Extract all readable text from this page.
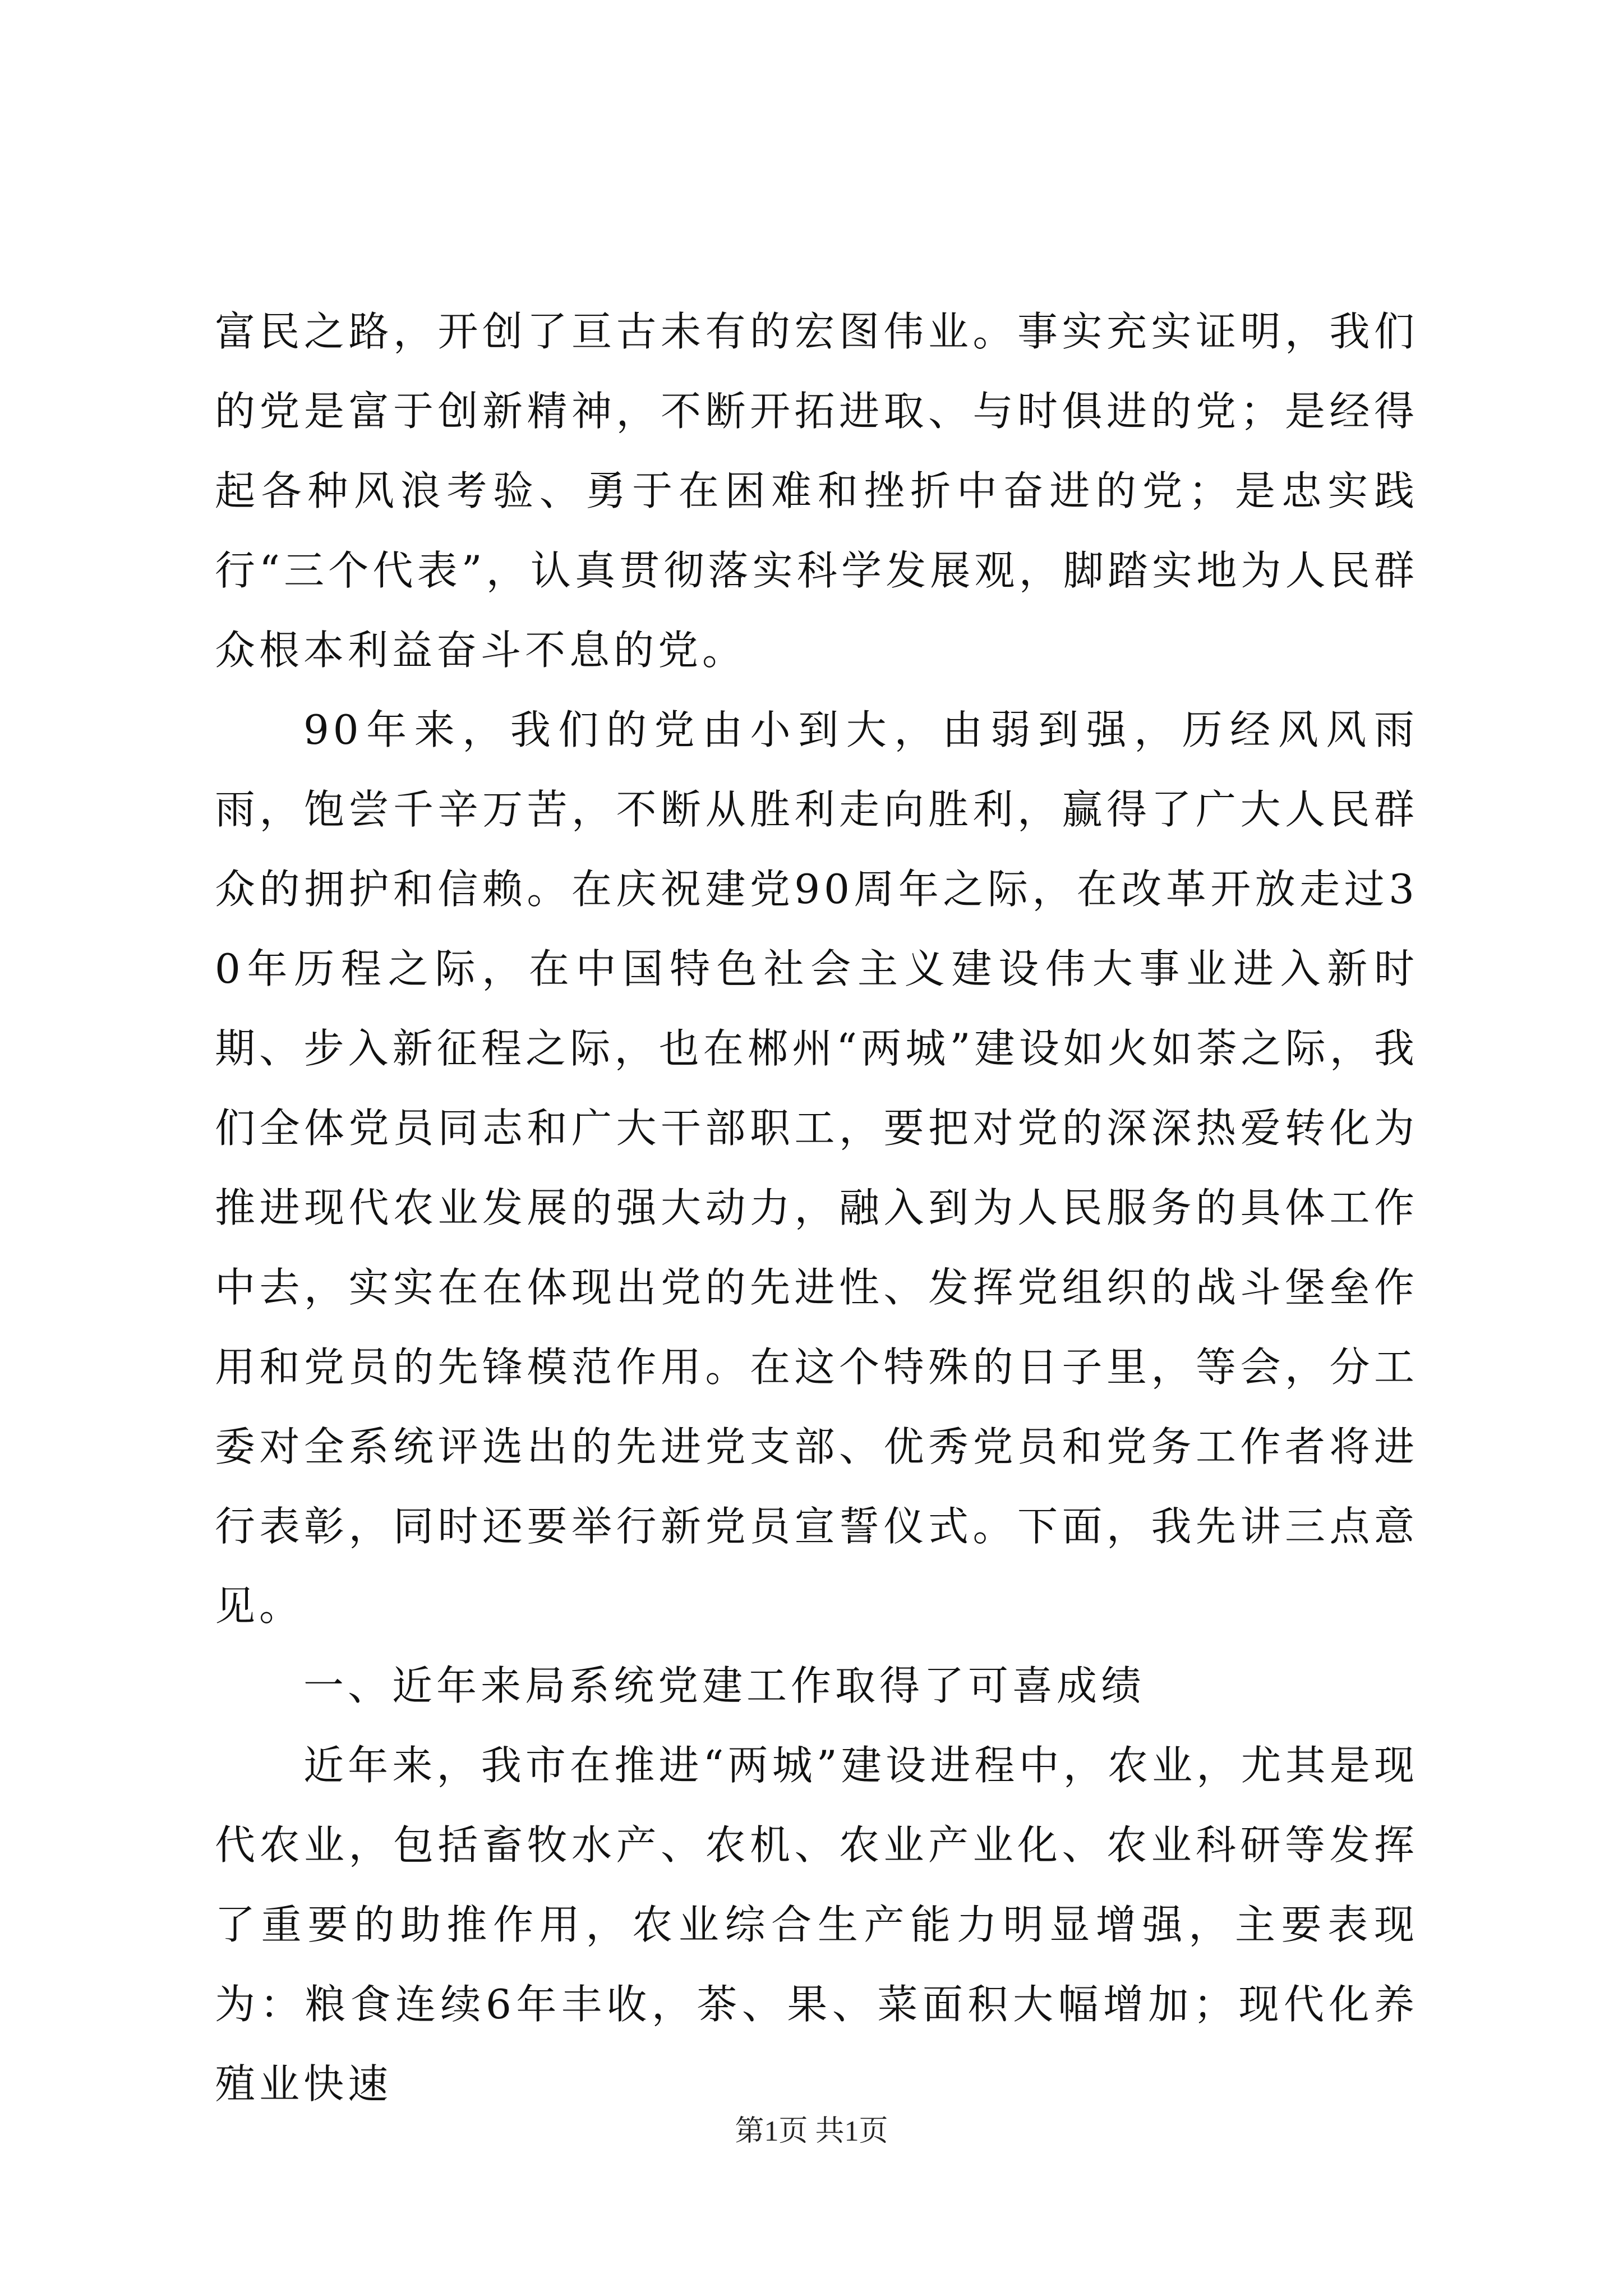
富民之路，开创了亘古未有的宏图伟业。事实充实证明，我们的党是富于创新精神，不断开拓进取、与时俱进的党；是经得起各种风浪考验、勇于在困难和挫折中奋进的党；是忠实践行“三个代表”，认真贯彻落实科学发展观，脚踏实地为人民群众根本利益奋斗不息的党。

90年来，我们的党由小到大，由弱到强，历经风风雨雨，饱尝千辛万苦，不断从胜利走向胜利，赢得了广大人民群众的拥护和信赖。在庆祝建党90周年之际，在改革开放走过30年历程之际，在中国特色社会主义建设伟大事业进入新时期、步入新征程之际，也在郴州“两城”建设如火如荼之际，我们全体党员同志和广大干部职工，要把对党的深深热爱转化为推进现代农业发展的强大动力，融入到为人民服务的具体工作中去，实实在在体现出党的先进性、发挥党组织的战斗堡垒作用和党员的先锋模范作用。在这个特殊的日子里，等会，分工委对全系统评选出的先进党支部、优秀党员和党务工作者将进行表彰，同时还要举行新党员宣誓仪式。下面，我先讲三点意见。

一、近年来局系统党建工作取得了可喜成绩

近年来，我市在推进“两城”建设进程中，农业，尤其是现代农业，包括畜牧水产、农机、农业产业化、农业科研等发挥了重要的助推作用，农业综合生产能力明显增强，主要表现为：粮食连续6年丰收，茶、果、菜面积大幅增加；现代化养殖业快速

第1页 共1页
